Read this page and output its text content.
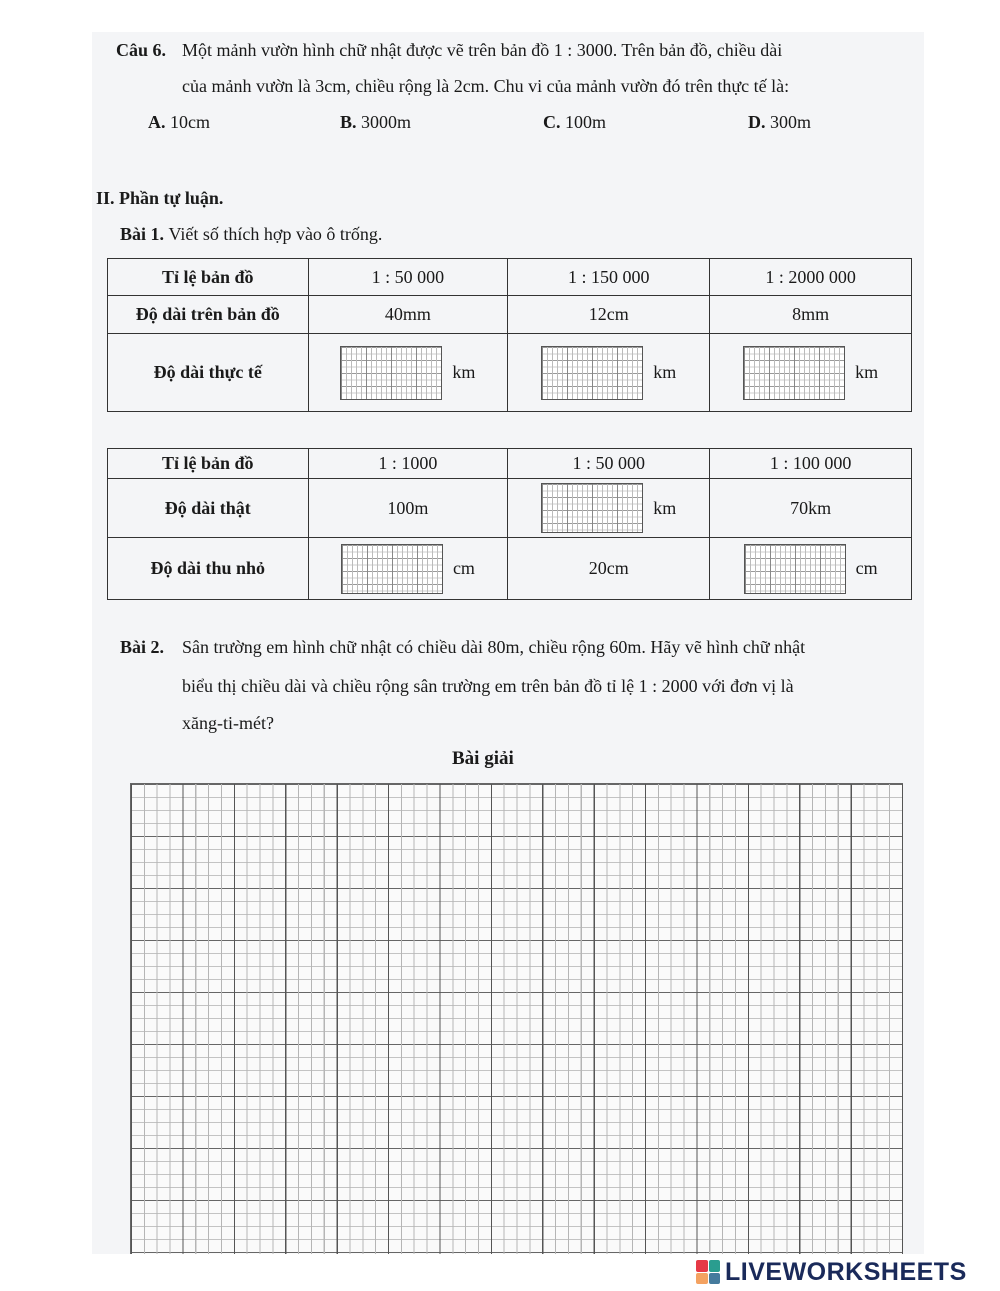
Câu 6. Một mảnh vườn hình chữ nhật được vẽ trên bản đồ 1 : 3000. Trên bản đồ, chiều dài
của mảnh vườn là 3cm, chiều rộng là 2cm. Chu vi của mảnh vườn đó trên thực tế là:
A. 10cm	B. 3000m	C. 100m	D. 300m
II. Phần tự luận.
Bài 1. Viết số thích hợp vào ô trống.
Tỉ lệ bản đồ	1 : 50 000	1 : 150 000	1 : 2000 000
Độ dài trên bản đồ	40mm	12cm	8mm
Độ dài thực tế	km	km	km
Tỉ lệ bản đồ	1 : 1000	1 : 50 000	1 : 100 000
Độ dài thật	100m	km	70km
Độ dài thu nhỏ	cm	20cm	cm
Bài 2. Sân trường em hình chữ nhật có chiều dài 80m, chiều rộng 60m. Hãy vẽ hình chữ nhật
biểu thị chiều dài và chiều rộng sân trường em trên bản đồ tỉ lệ 1 : 2000 với đơn vị là
xăng-ti-mét?
Bài giải
LIVEWORKSHEETS
